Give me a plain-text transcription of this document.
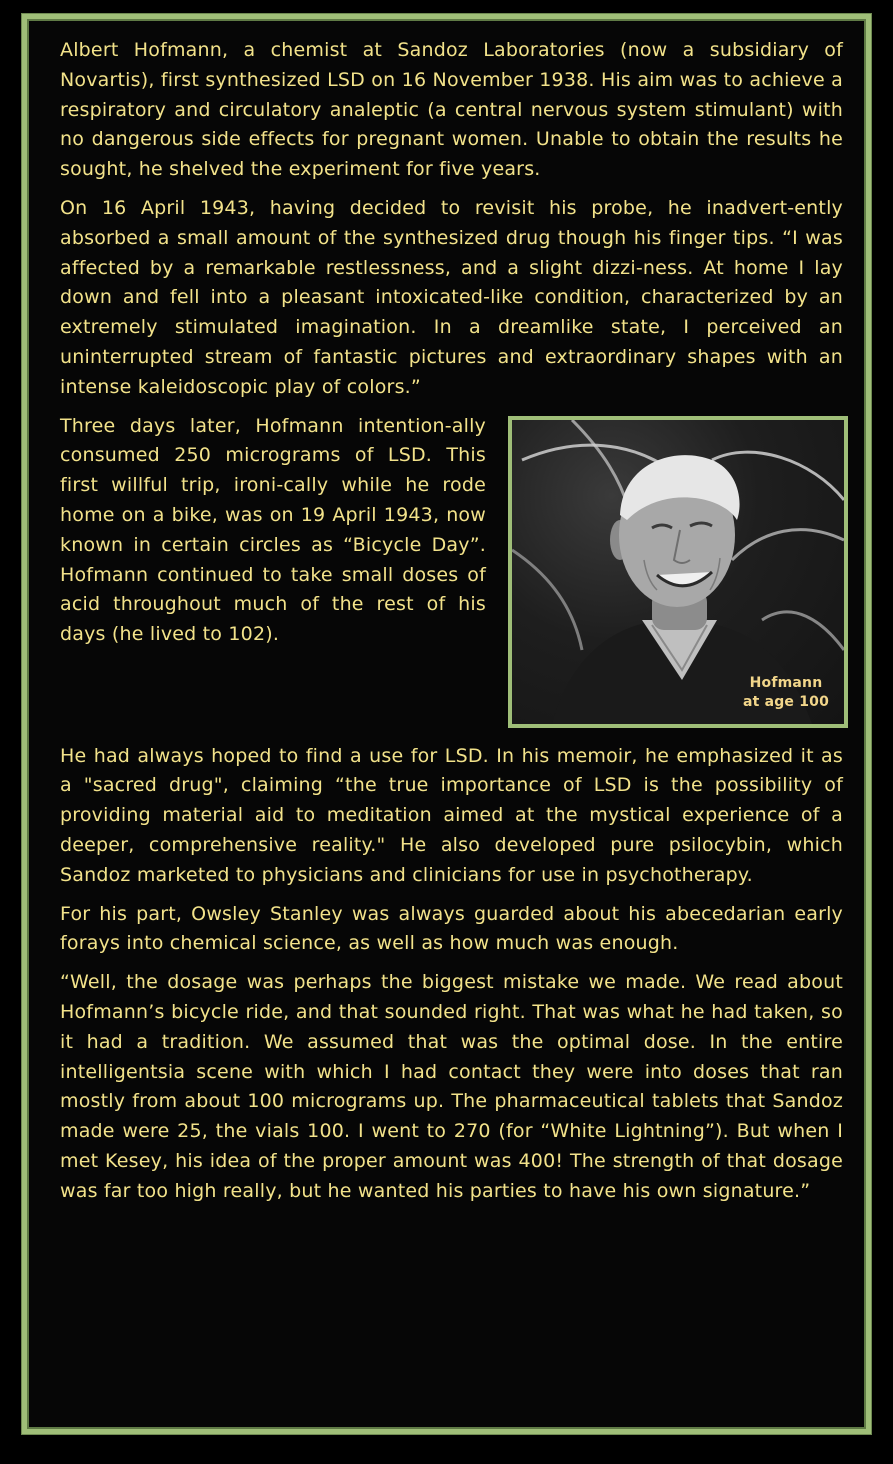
Albert Hofmann, a chemist at Sandoz Laboratories (now a subsidiary of Novartis), first synthesized LSD on 16 November 1938. His aim was to achieve a respiratory and circulatory analeptic (a central nervous system stimulant) with no dangerous side effects for pregnant women. Unable to obtain the results he sought, he shelved the experiment for five years.

On 16 April 1943, having decided to revisit his probe, he inadvert-ently absorbed a small amount of the synthesized drug though his finger tips. “I was affected by a remarkable restlessness, and a slight dizzi-ness. At home I lay down and fell into a pleasant intoxicated-like condition, characterized by an extremely stimulated imagination. In a dreamlike state, I perceived an uninterrupted stream of fantastic pictures and extraordinary shapes with an intense kaleidoscopic play of colors.”

Hofmann
at age 100

Three days later, Hofmann intention-ally consumed 250 micrograms of LSD. This first willful trip, ironi-cally while he rode home on a bike, was on 19 April 1943, now known in certain circles as “Bicycle Day”. Hofmann continued to take small doses of acid throughout much of the rest of his days (he lived to 102).

He had always hoped to find a use for LSD. In his memoir, he emphasized it as a "sacred drug", claiming “the true importance of LSD is the possibility of providing material aid to meditation aimed at the mystical experience of a deeper, comprehensive reality." He also developed pure psilocybin, which Sandoz marketed to physicians and clinicians for use in psychotherapy.

For his part, Owsley Stanley was always guarded about his abecedarian early forays into chemical science, as well as how much was enough.

“Well, the dosage was perhaps the biggest mistake we made. We read about Hofmann’s bicycle ride, and that sounded right. That was what he had taken, so it had a tradition. We assumed that was the optimal dose. In the entire intelligentsia scene with which I had contact they were into doses that ran mostly from about 100 micrograms up. The pharmaceutical tablets that Sandoz made were 25, the vials 100. I went to 270 (for “White Lightning”). But when I met Kesey, his idea of the proper amount was 400! The strength of that dosage was far too high really, but he wanted his parties to have his own signature.”
